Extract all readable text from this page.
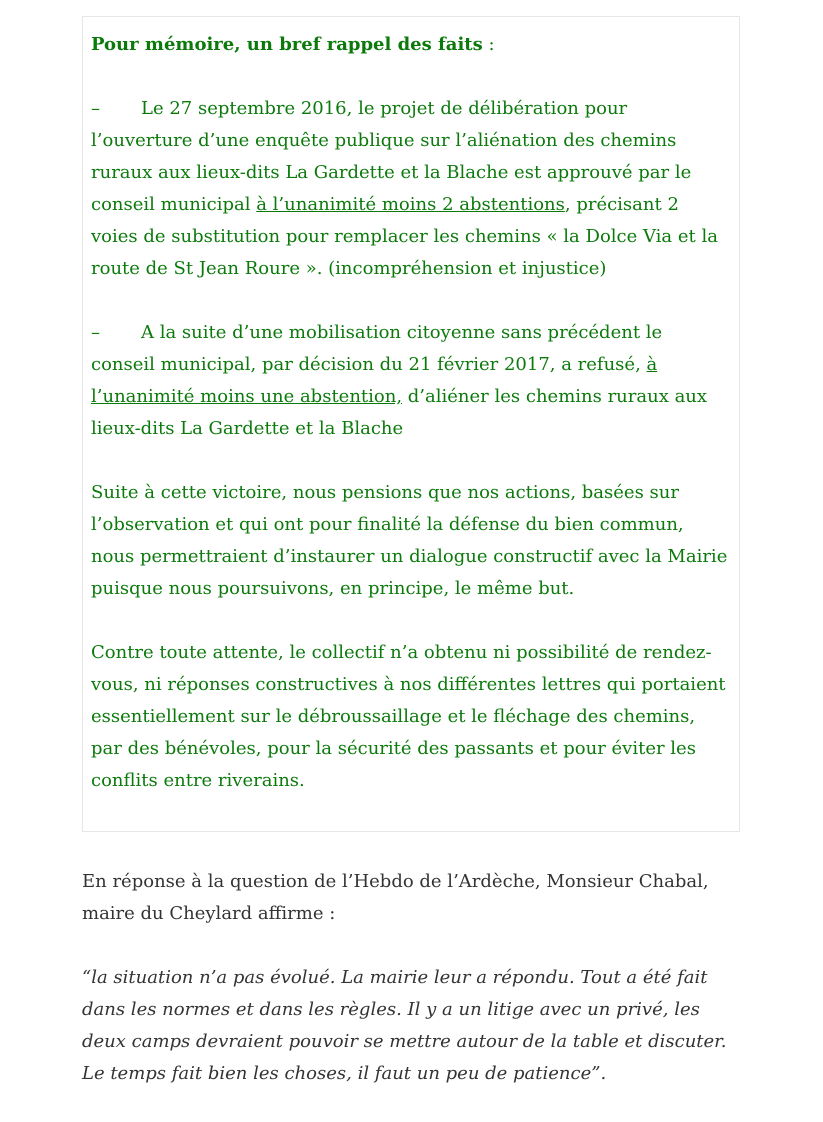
Pour mémoire, un bref rappel des faits :

– Le 27 septembre 2016, le projet de délibération pour l’ouverture d’une enquête publique sur l’aliénation des chemins ruraux aux lieux-dits La Gardette et la Blache est approuvé par le conseil municipal à l’unanimité moins 2 abstentions, précisant 2 voies de substitution pour remplacer les chemins « la Dolce Via et la route de St Jean Roure ». (incompréhension et injustice)

– A la suite d’une mobilisation citoyenne sans précédent le conseil municipal, par décision du 21 février 2017, a refusé, à l’unanimité moins une abstention, d’aliéner les chemins ruraux aux lieux-dits La Gardette et la Blache

Suite à cette victoire, nous pensions que nos actions, basées sur l’observation et qui ont pour finalité la défense du bien commun, nous permettraient d’instaurer un dialogue constructif avec la Mairie puisque nous poursuivons, en principe, le même but.

Contre toute attente, le collectif n’a obtenu ni possibilité de rendez-vous, ni réponses constructives à nos différentes lettres qui portaient essentiellement sur le débroussaillage et le fléchage des chemins, par des bénévoles, pour la sécurité des passants et pour éviter les conflits entre riverains.

En réponse à la question de l’Hebdo de l’Ardèche, Monsieur Chabal, maire du Cheylard affirme :

“la situation n’a pas évolué. La mairie leur a répondu. Tout a été fait dans les normes et dans les règles. Il y a un litige avec un privé, les deux camps devraient pouvoir se mettre autour de la table et discuter. Le temps fait bien les choses, il faut un peu de patience”.
